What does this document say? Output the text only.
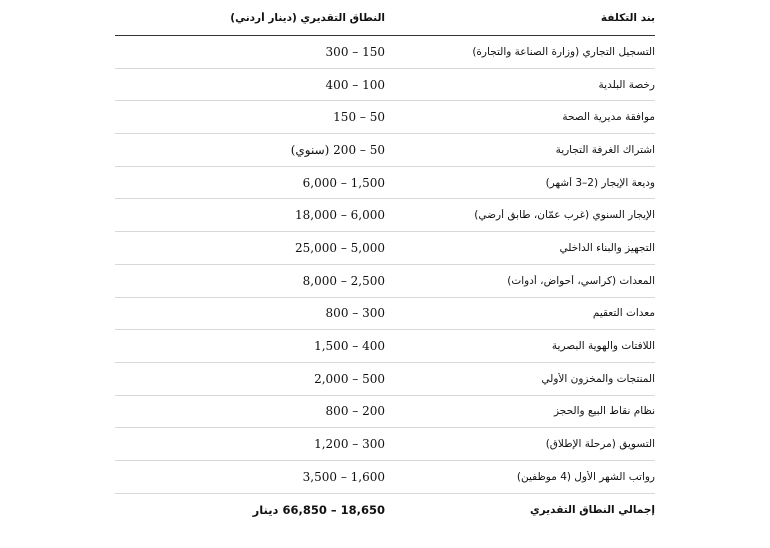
بند التكلفة
النطاق التقديري (دينار أردني)
التسجيل التجاري (وزارة الصناعة والتجارة)
150 – 300
رخصة البلدية
100 – 400
موافقة مديرية الصحة
50 – 150
اشتراك الغرفة التجارية
50 – 200 (سنوي)
وديعة الإيجار (2–3 أشهر)
1,500 – 6,000
الإيجار السنوي (غرب عمّان، طابق أرضي)
6,000 – 18,000
التجهيز والبناء الداخلي
5,000 – 25,000
المعدات (كراسي، أحواض، أدوات)
2,500 – 8,000
معدات التعقيم
300 – 800
اللافتات والهوية البصرية
400 – 1,500
المنتجات والمخزون الأولي
500 – 2,000
نظام نقاط البيع والحجز
200 – 800
التسويق (مرحلة الإطلاق)
300 – 1,200
رواتب الشهر الأول (4 موظفين)
1,600 – 3,500
إجمالي النطاق التقديري
18,650 – 66,850 دينار
